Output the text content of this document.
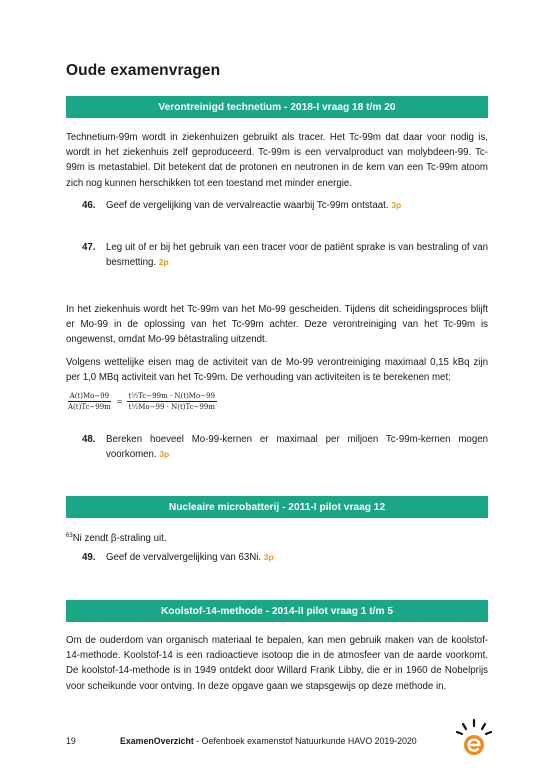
Oude examenvragen
Verontreinigd technetium - 2018-I vraag 18 t/m 20

Technetium-99m wordt in ziekenhuizen gebruikt als tracer. Het Tc-99m dat daar voor nodig is, wordt in het ziekenhuis zelf geproduceerd. Tc-99m is een vervalproduct van molybdeen-99. Tc-99m is metastabiel. Dit betekent dat de protonen en neutronen in de kern van een Tc-99m atoom zich nog kunnen herschikken tot een toestand met minder energie.

46. Geef de vergelijking van de vervalreactie waarbij Tc-99m ontstaat. 3p
47. Leg uit of er bij het gebruik van een tracer voor de patiënt sprake is van bestraling of van besmetting. 2p

In het ziekenhuis wordt het Tc-99m van het Mo-99 gescheiden. Tijdens dit scheidingsproces blijft er Mo-99 in de oplossing van het Tc-99m achter. Deze verontreiniging van het Tc-99m is ongewenst, omdat Mo-99 bètastraling uitzendt.

Volgens wettelijke eisen mag de activiteit van de Mo-99 verontreiniging maximaal 0,15 kBq zijn per 1,0 MBq activiteit van het Tc-99m. De verhouding van activiteiten is te berekenen met:

$\frac{A(t)Mo-99}{A(t)Tc-99m} = \frac{\text{t½Tc−99m · N(t)Mo−99}}{\text{t½Mo−99 · N(t)Tc−99m}}$
48. Bereken hoeveel Mo-99-kernen er maximaal per miljoen Tc-99m-kernen mogen voorkomen. 3p
Nucleaire microbatterij - 2011-I pilot vraag 12

$^{63}$Ni zendt β-straling uit.

49. Geef de vervalvergelijking van 63Ni. 3p
Koolstof-14-methode - 2014-II pilot vraag 1 t/m 5

Om de ouderdom van organisch materiaal te bepalen, kan men gebruik maken van de koolstof-14-methode. Koolstof-14 is een radioactieve isotoop die in de atmosfeer van de aarde voorkomt. De koolstof-14-methode is in 1949 ontdekt door Willard Frank Libby, die er in 1960 de Nobelprijs voor scheikunde voor ontving. In deze opgave gaan we stapsgewijs op deze methode in.

19	ExamenOverzicht - Oefenboek examenstof Natuurkunde HAVO 2019-2020
